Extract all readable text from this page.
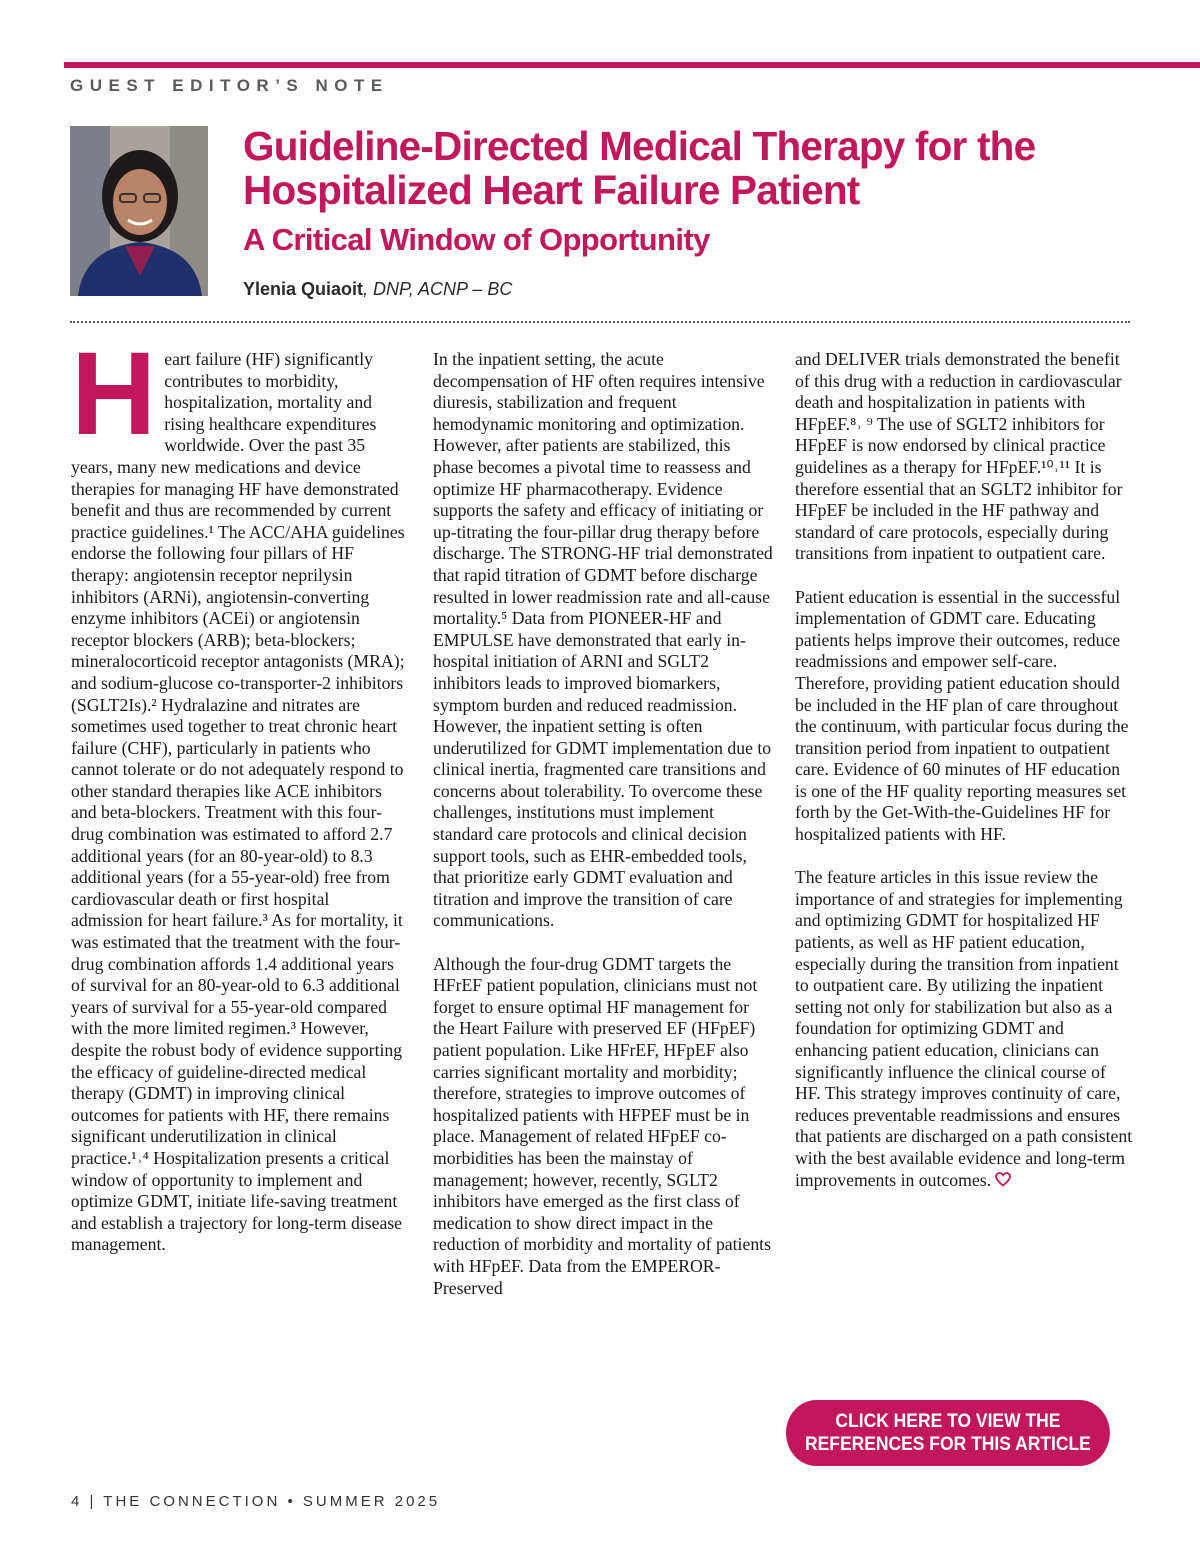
GUEST EDITOR’S NOTE
Guideline-Directed Medical Therapy for the Hospitalized Heart Failure Patient
A Critical Window of Opportunity
Ylenia Quiaoit, DNP, ACNP – BC

Heart failure (HF) significantly contributes to morbidity, hospitalization, mortality and rising healthcare expenditures worldwide. Over the past 35 years, many new medications and device therapies for managing HF have demonstrated benefit and thus are recommended by current practice guidelines.¹ The ACC/AHA guidelines endorse the following four pillars of HF therapy: angiotensin receptor neprilysin inhibitors (ARNi), angiotensin-converting enzyme inhibitors (ACEi) or angiotensin receptor blockers (ARB); beta-blockers; mineralocorticoid receptor antagonists (MRA); and sodium-glucose co-transporter-2 inhibitors (SGLT2Is).² Hydralazine and nitrates are sometimes used together to treat chronic heart failure (CHF), particularly in patients who cannot tolerate or do not adequately respond to other standard therapies like ACE inhibitors and beta-blockers. Treatment with this four-drug combination was estimated to afford 2.7 additional years (for an 80-year-old) to 8.3 additional years (for a 55-year-old) free from cardiovascular death or first hospital admission for heart failure.³ As for mortality, it was estimated that the treatment with the four-drug combination affords 1.4 additional years of survival for an 80-year-old to 6.3 additional years of survival for a 55-year-old compared with the more limited regimen.³ However, despite the robust body of evidence supporting the efficacy of guideline-directed medical therapy (GDMT) in improving clinical outcomes for patients with HF, there remains significant underutilization in clinical practice.¹˒⁴ Hospitalization presents a critical window of opportunity to implement and optimize GDMT, initiate life-saving treatment and establish a trajectory for long-term disease management.

In the inpatient setting, the acute decompensation of HF often requires intensive diuresis, stabilization and frequent hemodynamic monitoring and optimization. However, after patients are stabilized, this phase becomes a pivotal time to reassess and optimize HF pharmacotherapy. Evidence supports the safety and efficacy of initiating or up-titrating the four-pillar drug therapy before discharge. The STRONG-HF trial demonstrated that rapid titration of GDMT before discharge resulted in lower readmission rate and all-cause mortality.⁵ Data from PIONEER-HF and EMPULSE have demonstrated that early in-hospital initiation of ARNI and SGLT2 inhibitors leads to improved biomarkers, symptom burden and reduced readmission. However, the inpatient setting is often underutilized for GDMT implementation due to clinical inertia, fragmented care transitions and concerns about tolerability. To overcome these challenges, institutions must implement standard care protocols and clinical decision support tools, such as EHR-embedded tools, that prioritize early GDMT evaluation and titration and improve the transition of care communications.

Although the four-drug GDMT targets the HFrEF patient population, clinicians must not forget to ensure optimal HF management for the Heart Failure with preserved EF (HFpEF) patient population. Like HFrEF, HFpEF also carries significant mortality and morbidity; therefore, strategies to improve outcomes of hospitalized patients with HFPEF must be in place. Management of related HFpEF co-morbidities has been the mainstay of management; however, recently, SGLT2 inhibitors have emerged as the first class of medication to show direct impact in the reduction of morbidity and mortality of patients with HFpEF. Data from the EMPEROR-Preserved

and DELIVER trials demonstrated the benefit of this drug with a reduction in cardiovascular death and hospitalization in patients with HFpEF.⁸˒ ⁹ The use of SGLT2 inhibitors for HFpEF is now endorsed by clinical practice guidelines as a therapy for HFpEF.¹⁰˒¹¹ It is therefore essential that an SGLT2 inhibitor for HFpEF be included in the HF pathway and standard of care protocols, especially during transitions from inpatient to outpatient care.

Patient education is essential in the successful implementation of GDMT care. Educating patients helps improve their outcomes, reduce readmissions and empower self-care. Therefore, providing patient education should be included in the HF plan of care throughout the continuum, with particular focus during the transition period from inpatient to outpatient care. Evidence of 60 minutes of HF education is one of the HF quality reporting measures set forth by the Get-With-the-Guidelines HF for hospitalized patients with HF.

The feature articles in this issue review the importance of and strategies for implementing and optimizing GDMT for hospitalized HF patients, as well as HF patient education, especially during the transition from inpatient to outpatient care. By utilizing the inpatient setting not only for stabilization but also as a foundation for optimizing GDMT and enhancing patient education, clinicians can significantly influence the clinical course of HF. This strategy improves continuity of care, reduces preventable readmissions and ensures that patients are discharged on a path consistent with the best available evidence and long-term improvements in outcomes.

CLICK HERE TO VIEW THE
REFERENCES FOR THIS ARTICLE
4 | THE CONNECTION • SUMMER 2025
